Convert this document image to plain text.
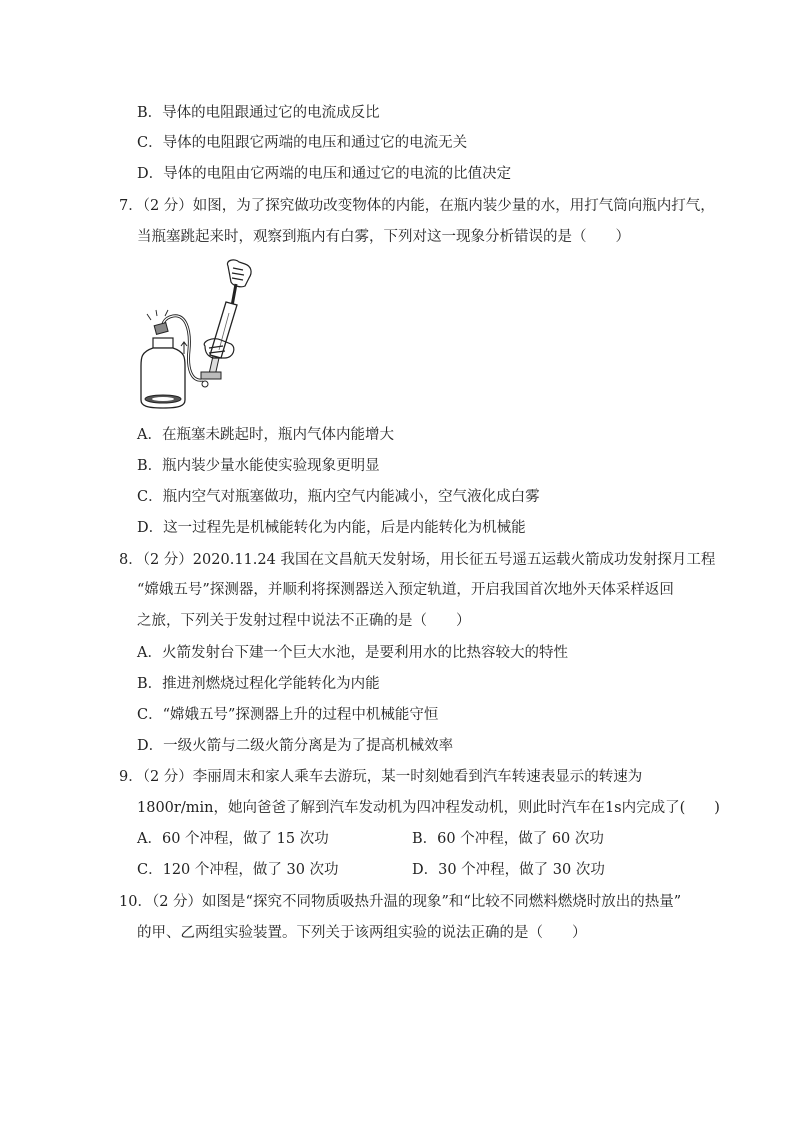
B．导体的电阻跟通过它的电流成反比
C．导体的电阻跟它两端的电压和通过它的电流无关
D．导体的电阻由它两端的电压和通过它的电流的比值决定
7．（2 分）如图，为了探究做功改变物体的内能，在瓶内装少量的水，用打气筒向瓶内打气，
当瓶塞跳起来时，观察到瓶内有白雾，下列对这一现象分析错误的是（　　）
A．在瓶塞未跳起时，瓶内气体内能增大
B．瓶内装少量水能使实验现象更明显
C．瓶内空气对瓶塞做功，瓶内空气内能减小，空气液化成白雾
D．这一过程先是机械能转化为内能，后是内能转化为机械能
8．（2 分）2020.11.24 我国在文昌航天发射场，用长征五号遥五运载火箭成功发射探月工程
“嫦娥五号”探测器，并顺利将探测器送入预定轨道，开启我国首次地外天体采样返回
之旅，下列关于发射过程中说法不正确的是（　　）
A．火箭发射台下建一个巨大水池，是要利用水的比热容较大的特性
B．推进剂燃烧过程化学能转化为内能
C．“嫦娥五号”探测器上升的过程中机械能守恒
D．一级火箭与二级火箭分离是为了提高机械效率
9．（2 分）李丽周末和家人乘车去游玩，某一时刻她看到汽车转速表显示的转速为
1800r/min，她向爸爸了解到汽车发动机为四冲程发动机，则此时汽车在1s内完成了(　　)
A．60 个冲程，做了 15 次功	B．60 个冲程，做了 60 次功
C．120 个冲程，做了 30 次功	D．30 个冲程，做了 30 次功
10．（2 分）如图是“探究不同物质吸热升温的现象”和“比较不同燃料燃烧时放出的热量”
的甲、乙两组实验装置。下列关于该两组实验的说法正确的是（　　）
